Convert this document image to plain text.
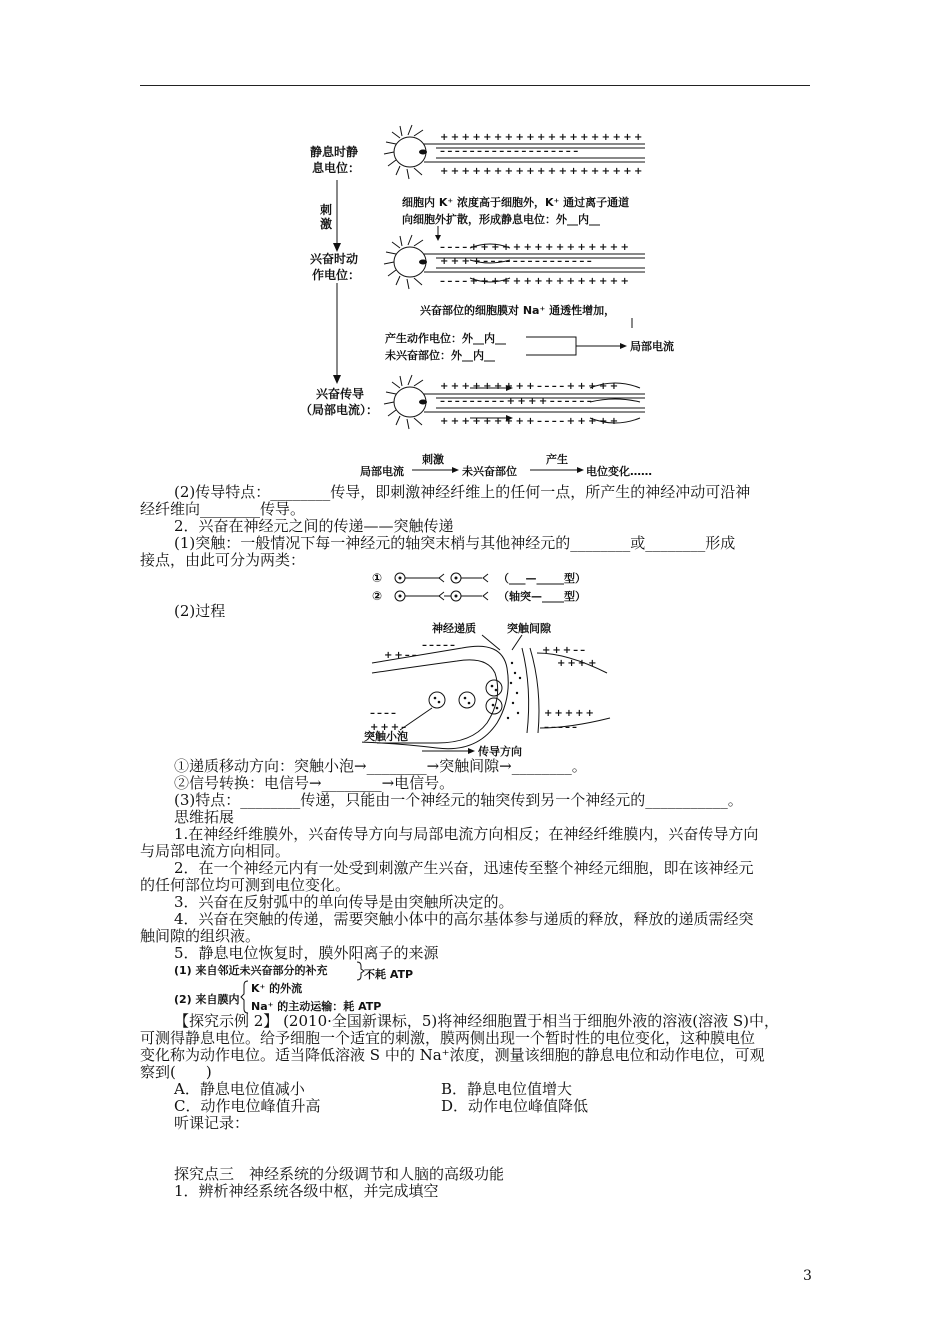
静息时静
息电位：
刺
激
兴奋时动
作电位：
兴奋传导
（局部电流）：
+++++++++++++++++++
–––––––––––––––––––
+++++++++++++++++++
细胞内 K⁺ 浓度高于细胞外，K⁺ 通过离子通道
向细胞外扩散，形成静息电位：外__内__
––––+++++++++++++++
++++–––––––––––––––
––––+++++++++++++++
兴奋部位的细胞膜对 Na⁺ 通透性增加，
产生动作电位：外__内__
未兴奋部位：外__内__
局部电流
+++++++++––––+++++
–––––––––++++––––––
+++++++++––––+++++
局部电流
刺激
未兴奋部位
产生
电位变化……
(2)传导特点：________传导，即刺激神经纤维上的任何一点，所产生的神经冲动可沿神
经纤维向________传导。
2．兴奋在神经元之间的传递——突触传递
(1)突触：一般情况下每一神经元的轴突末梢与其他神经元的________或________形成
接点，由此可分为两类：
①	（___—_____型）
②	（轴突—____型）
(2)过程
神经递质	突触间隙
++––
–––––	+++––
++++
––––
+++–
+++++
–––––
突触小泡
传导方向
①递质移动方向：突触小泡→________→突触间隙→________。
②信号转换：电信号→________→电信号。
(3)特点：________传递，只能由一个神经元的轴突传到另一个神经元的___________。
思维拓展
1.在神经纤维膜外，兴奋传导方向与局部电流方向相反；在神经纤维膜内，兴奋传导方向
与局部电流方向相同。
2．在一个神经元内有一处受到刺激产生兴奋，迅速传至整个神经元细胞，即在该神经元
的任何部位均可测到电位变化。
3．兴奋在反射弧中的单向传导是由突触所决定的。
4．兴奋在突触的传递，需要突触小体中的高尔基体参与递质的释放，释放的递质需经突
触间隙的组织液。
5．静息电位恢复时，膜外阳离子的来源
(1) 来自邻近未兴奋部分的补充	不耗 ATP
(2) 来自膜内
K⁺ 的外流
Na⁺ 的主动运输：耗 ATP
【探究示例 2】 (2010·全国新课标，5)将神经细胞置于相当于细胞外液的溶液(溶液 S)中，
可测得静息电位。给予细胞一个适宜的刺激，膜两侧出现一个暂时性的电位变化，这种膜电位
变化称为动作电位。适当降低溶液 S 中的 Na⁺浓度，测量该细胞的静息电位和动作电位，可观
察到(　　)
A．静息电位值减小	B．静息电位值增大
C．动作电位峰值升高	D．动作电位峰值降低
听课记录：
探究点三　神经系统的分级调节和人脑的高级功能
1．辨析神经系统各级中枢，并完成填空
3
